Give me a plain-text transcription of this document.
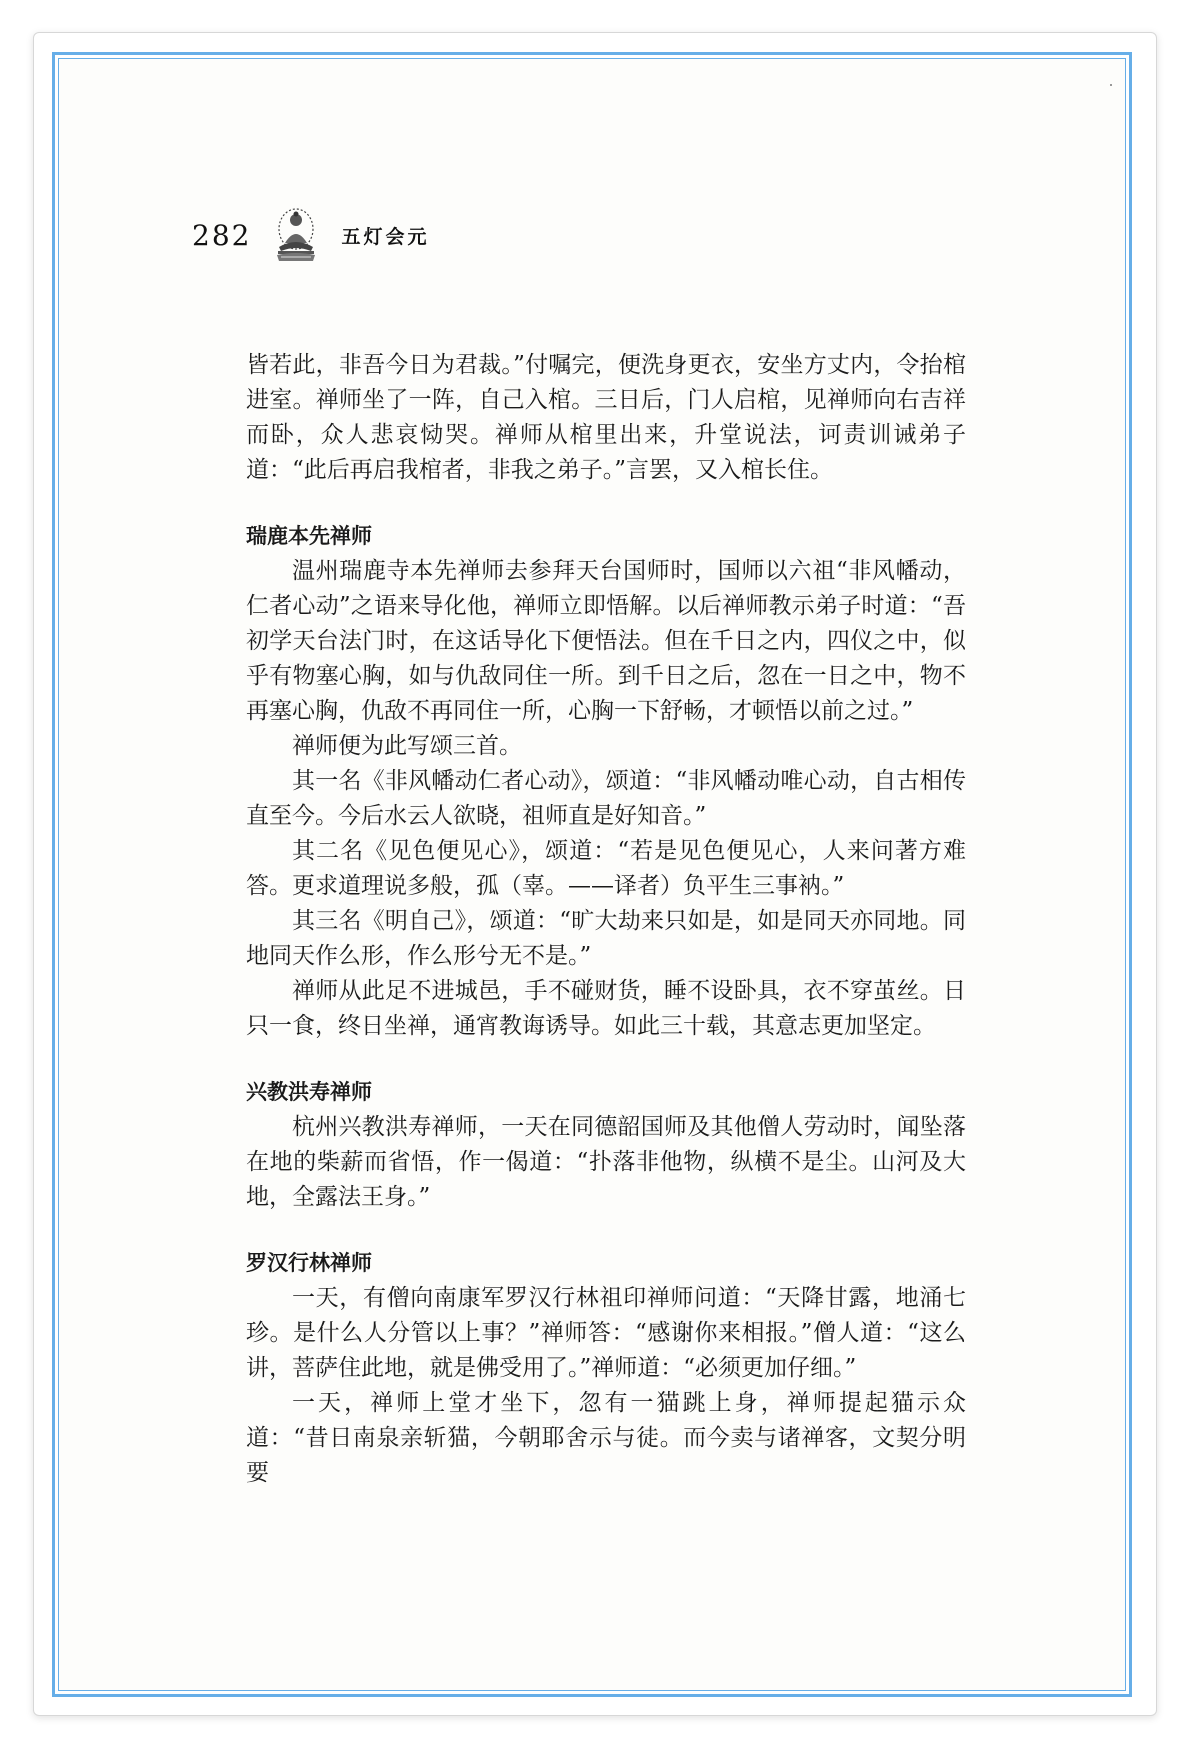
282	五灯会元

皆若此，非吾今日为君裁。”付嘱完，便洗身更衣，安坐方丈内，令抬棺进室。禅师坐了一阵，自己入棺。三日后，门人启棺，见禅师向右吉祥而卧，众人悲哀恸哭。禅师从棺里出来，升堂说法，诃责训诫弟子道：“此后再启我棺者，非我之弟子。”言罢，又入棺长住。

瑞鹿本先禅师

温州瑞鹿寺本先禅师去参拜天台国师时，国师以六祖“非风幡动，仁者心动”之语来导化他，禅师立即悟解。以后禅师教示弟子时道：“吾初学天台法门时，在这话导化下便悟法。但在千日之内，四仪之中，似乎有物塞心胸，如与仇敌同住一所。到千日之后，忽在一日之中，物不再塞心胸，仇敌不再同住一所，心胸一下舒畅，才顿悟以前之过。”

禅师便为此写颂三首。

其一名《非风幡动仁者心动》，颂道：“非风幡动唯心动，自古相传直至今。今后水云人欲晓，祖师直是好知音。”

其二名《见色便见心》，颂道：“若是见色便见心，人来问著方难答。更求道理说多般，孤（辜。——译者）负平生三事衲。”

其三名《明自己》，颂道：“旷大劫来只如是，如是同天亦同地。同地同天作么形，作么形兮无不是。”

禅师从此足不进城邑，手不碰财货，睡不设卧具，衣不穿茧丝。日只一食，终日坐禅，通宵教诲诱导。如此三十载，其意志更加坚定。

兴教洪寿禅师

杭州兴教洪寿禅师，一天在同德韶国师及其他僧人劳动时，闻坠落在地的柴薪而省悟，作一偈道：“扑落非他物，纵横不是尘。山河及大地，全露法王身。”

罗汉行林禅师

一天，有僧向南康军罗汉行林祖印禅师问道：“天降甘露，地涌七珍。是什么人分管以上事？”禅师答：“感谢你来相报。”僧人道：“这么讲，菩萨住此地，就是佛受用了。”禅师道：“必须更加仔细。”

一天，禅师上堂才坐下，忽有一猫跳上身，禅师提起猫示众道：“昔日南泉亲斩猫，今朝耶舍示与徒。而今卖与诸禅客，文契分明要
